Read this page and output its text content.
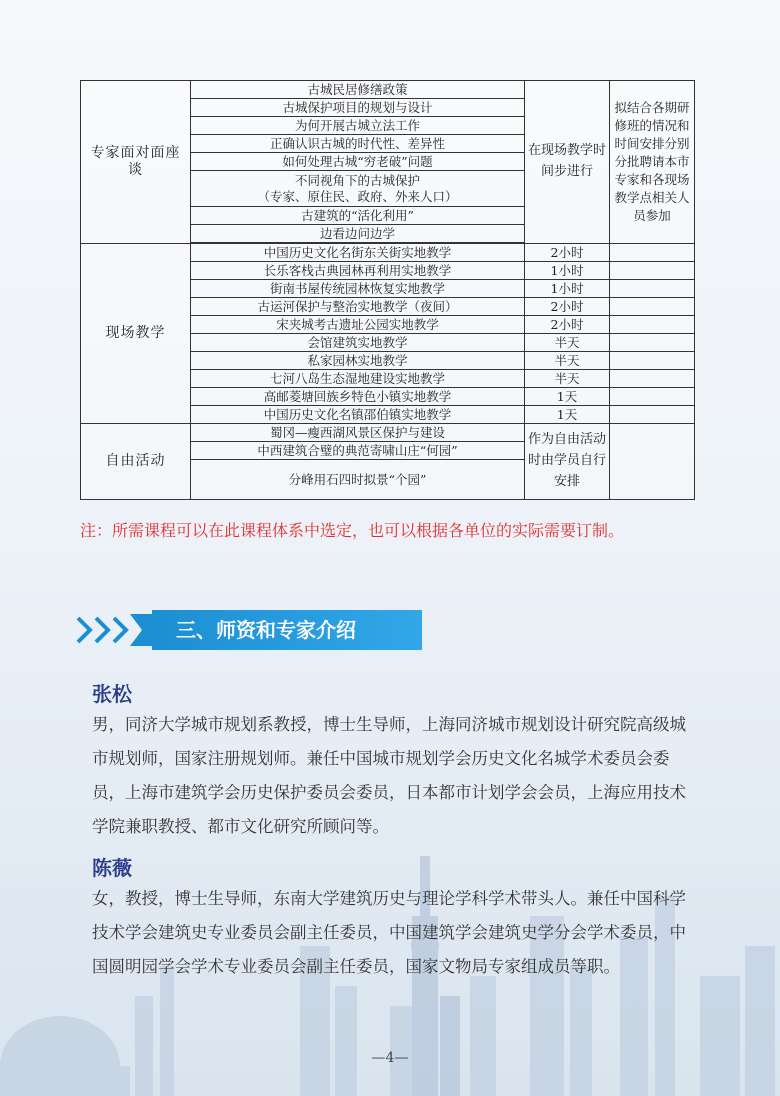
专家面对面座谈	古城民居修缮政策	在现场教学时间步进行	拟结合各期研修班的情况和时间安排分别分批聘请本市专家和各现场教学点相关人员参加
	古城保护项目的规划与设计		
	为何开展古城立法工作		
	正确认识古城的时代性、差异性		
	如何处理古城“穷老破”问题		
	不同视角下的古城保护
（专家、原住民、政府、外来人口）		
	古建筑的“活化利用”		
	边看边问边学		

现场教学	中国历史文化名街东关街实地教学	2小时	
	长乐客栈古典园林再利用实地教学	1小时	
	街南书屋传统园林恢复实地教学	1小时	
	古运河保护与整治实地教学（夜间）	2小时	
	宋夹城考古遗址公园实地教学	2小时	
	会馆建筑实地教学	半天	
	私家园林实地教学	半天	
	七河八岛生态湿地建设实地教学	半天	
	高邮菱塘回族乡特色小镇实地教学	1天	
	中国历史文化名镇邵伯镇实地教学	1天	
自由活动	蜀冈—瘦西湖风景区保护与建设	作为自由活动时由学员自行安排	
	中西建筑合璧的典范寄啸山庄“何园”		
	分峰用石四时拟景“个园”		
注：所需课程可以在此课程体系中选定，也可以根据各单位的实际需要订制。
三、师资和专家介绍
张松
男，同济大学城市规划系教授，博士生导师，上海同济城市规划设计研究院高级城市规划师，国家注册规划师。兼任中国城市规划学会历史文化名城学术委员会委员，上海市建筑学会历史保护委员会委员，日本都市计划学会会员，上海应用技术学院兼职教授、都市文化研究所顾问等。
陈薇
女，教授，博士生导师，东南大学建筑历史与理论学科学术带头人。兼任中国科学技术学会建筑史专业委员会副主任委员，中国建筑学会建筑史学分会学术委员，中国圆明园学会学术专业委员会副主任委员，国家文物局专家组成员等职。
—4—
